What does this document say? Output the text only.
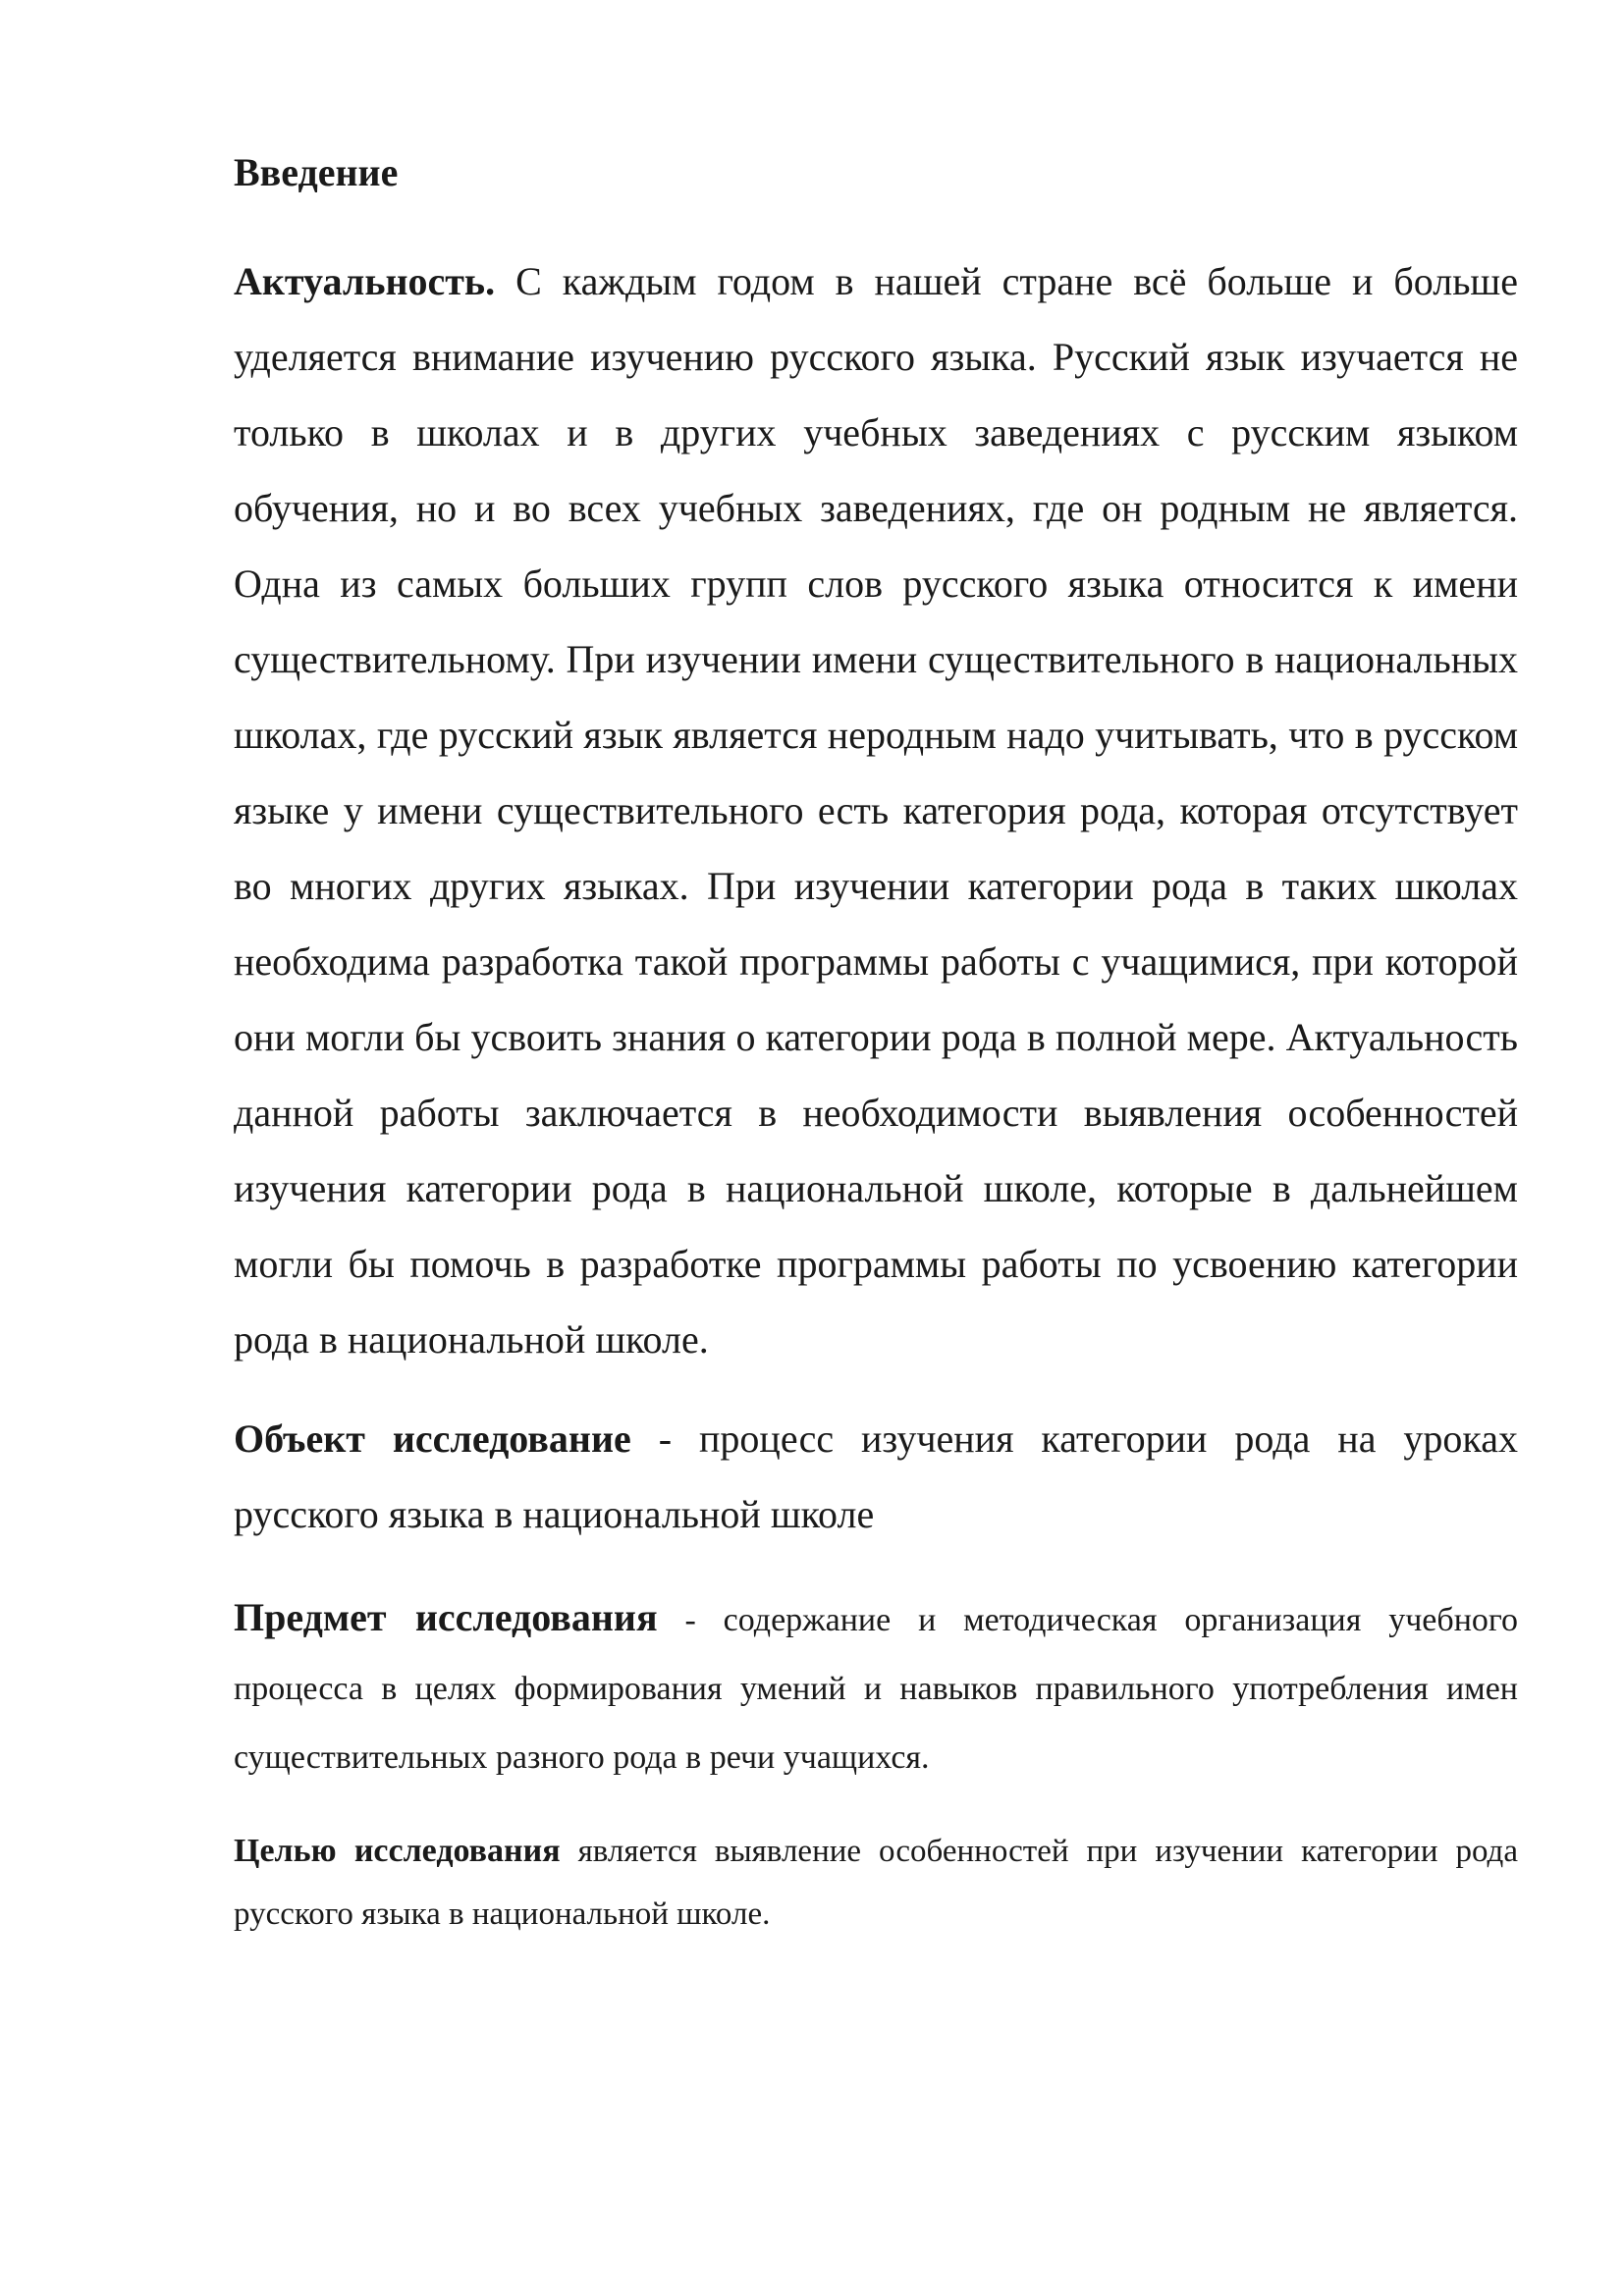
Введение

Актуальность. С каждым годом в нашей стране всё больше и больше уделяется внимание изучению русского языка. Русский язык изучается не только в школах и в других учебных заведениях с русским языком обучения, но и во всех учебных заведениях, где он родным не является. Одна из самых больших групп слов русского языка относится к имени существительному. При изучении имени существительного в национальных школах, где русский язык является неродным надо учитывать, что в русском языке у имени существительного есть категория рода, которая отсутствует во многих других языках. При изучении категории рода в таких школах необходима разработка такой программы работы с учащимися, при которой они могли бы усвоить знания о категории рода в полной мере. Актуальность данной работы заключается в необходимости выявления особенностей изучения категории рода в национальной школе, которые в дальнейшем могли бы помочь в разработке программы работы по усвоению категории рода в национальной школе.

Объект исследование - процесс изучения категории рода на уроках русского языка в национальной школе

Предмет исследования - содержание и методическая организация учебного процесса в целях формирования умений и навыков правильного употребления имен существительных разного рода в речи учащихся.

Целью исследования является выявление особенностей при изучении категории рода русского языка в национальной школе.
